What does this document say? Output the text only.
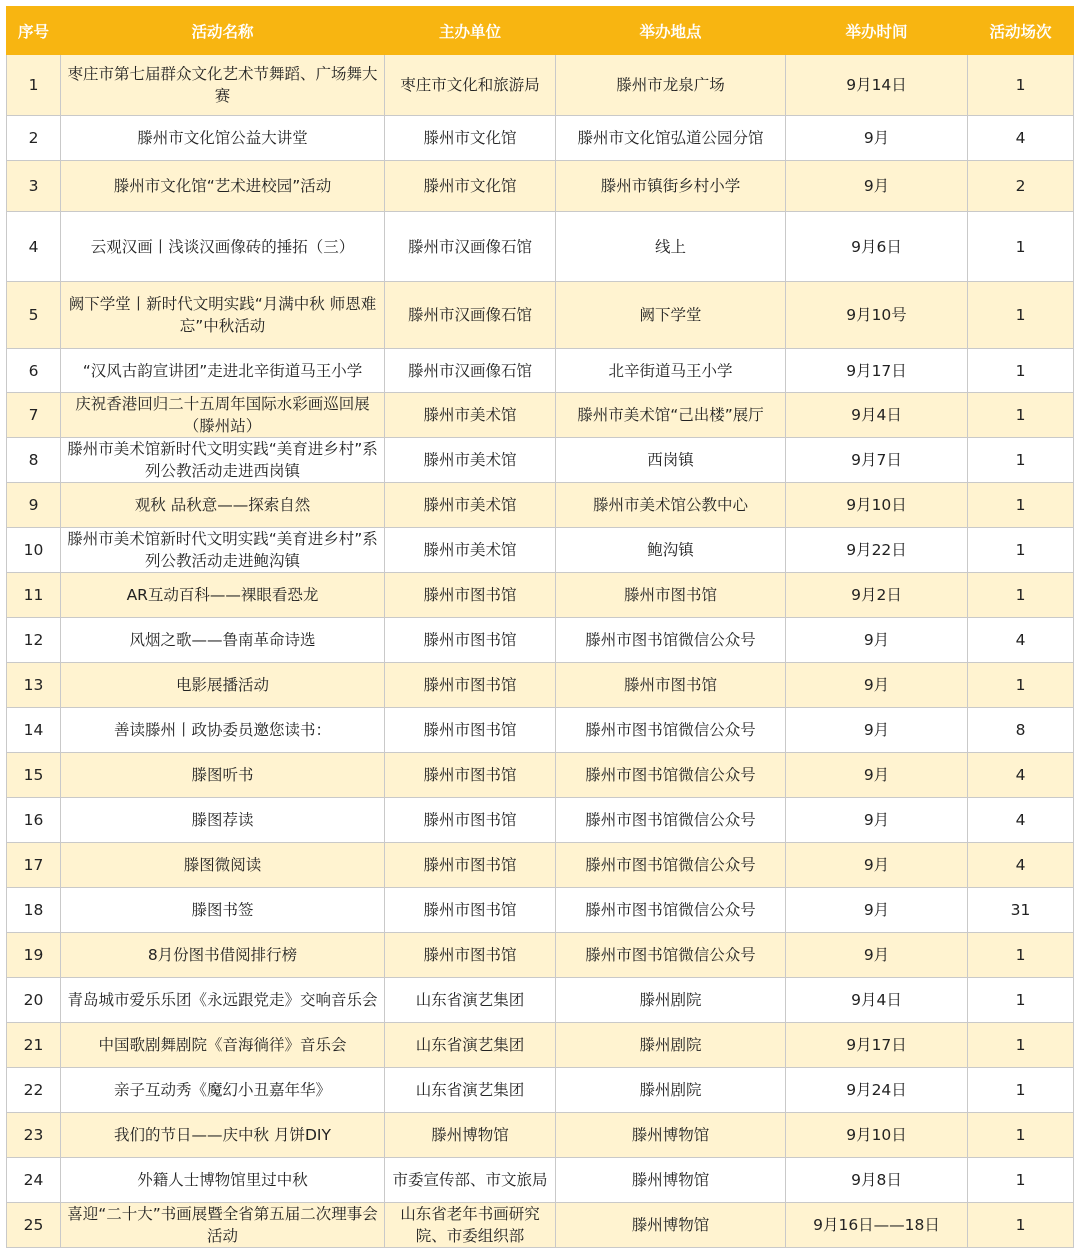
序号	活动名称	主办单位	举办地点	举办时间	活动场次
1	枣庄市第七届群众文化艺术节舞蹈、广场舞大赛	枣庄市文化和旅游局	滕州市龙泉广场	9月14日	1
2	滕州市文化馆公益大讲堂	滕州市文化馆	滕州市文化馆弘道公园分馆	9月	4
3	滕州市文化馆“艺术进校园”活动	滕州市文化馆	滕州市镇街乡村小学	9月	2
4	云观汉画丨浅谈汉画像砖的捶拓（三）	滕州市汉画像石馆	线上	9月6日	1
5	阙下学堂丨新时代文明实践“月满中秋 师恩难忘”中秋活动	滕州市汉画像石馆	阙下学堂	9月10号	1
6	“汉风古韵宣讲团”走进北辛街道马王小学	滕州市汉画像石馆	北辛街道马王小学	9月17日	1
7	庆祝香港回归二十五周年国际水彩画巡回展（滕州站）	滕州市美术馆	滕州市美术馆“己出楼”展厅	9月4日	1
8	滕州市美术馆新时代文明实践“美育进乡村”系列公教活动走进西岗镇	滕州市美术馆	西岗镇	9月7日	1
9	观秋 品秋意——探索自然	滕州市美术馆	滕州市美术馆公教中心	9月10日	1
10	滕州市美术馆新时代文明实践“美育进乡村”系列公教活动走进鲍沟镇	滕州市美术馆	鲍沟镇	9月22日	1
11	AR互动百科——裸眼看恐龙	滕州市图书馆	滕州市图书馆	9月2日	1
12	风烟之歌——鲁南革命诗选	滕州市图书馆	滕州市图书馆微信公众号	9月	4
13	电影展播活动	滕州市图书馆	滕州市图书馆	9月	1
14	善读滕州丨政协委员邀您读书：	滕州市图书馆	滕州市图书馆微信公众号	9月	8
15	滕图听书	滕州市图书馆	滕州市图书馆微信公众号	9月	4
16	滕图荐读	滕州市图书馆	滕州市图书馆微信公众号	9月	4
17	滕图微阅读	滕州市图书馆	滕州市图书馆微信公众号	9月	4
18	滕图书签	滕州市图书馆	滕州市图书馆微信公众号	9月	31
19	8月份图书借阅排行榜	滕州市图书馆	滕州市图书馆微信公众号	9月	1
20	青岛城市爱乐乐团《永远跟党走》交响音乐会	山东省演艺集团	滕州剧院	9月4日	1
21	中国歌剧舞剧院《音海徜徉》音乐会	山东省演艺集团	滕州剧院	9月17日	1
22	亲子互动秀《魔幻小丑嘉年华》	山东省演艺集团	滕州剧院	9月24日	1
23	我们的节日——庆中秋 月饼DIY	滕州博物馆	滕州博物馆	9月10日	1
24	外籍人士博物馆里过中秋	市委宣传部、市文旅局	滕州博物馆	9月8日	1
25	喜迎“二十大”书画展暨全省第五届二次理事会活动	山东省老年书画研究院、市委组织部	滕州博物馆	9月16日——18日	1
